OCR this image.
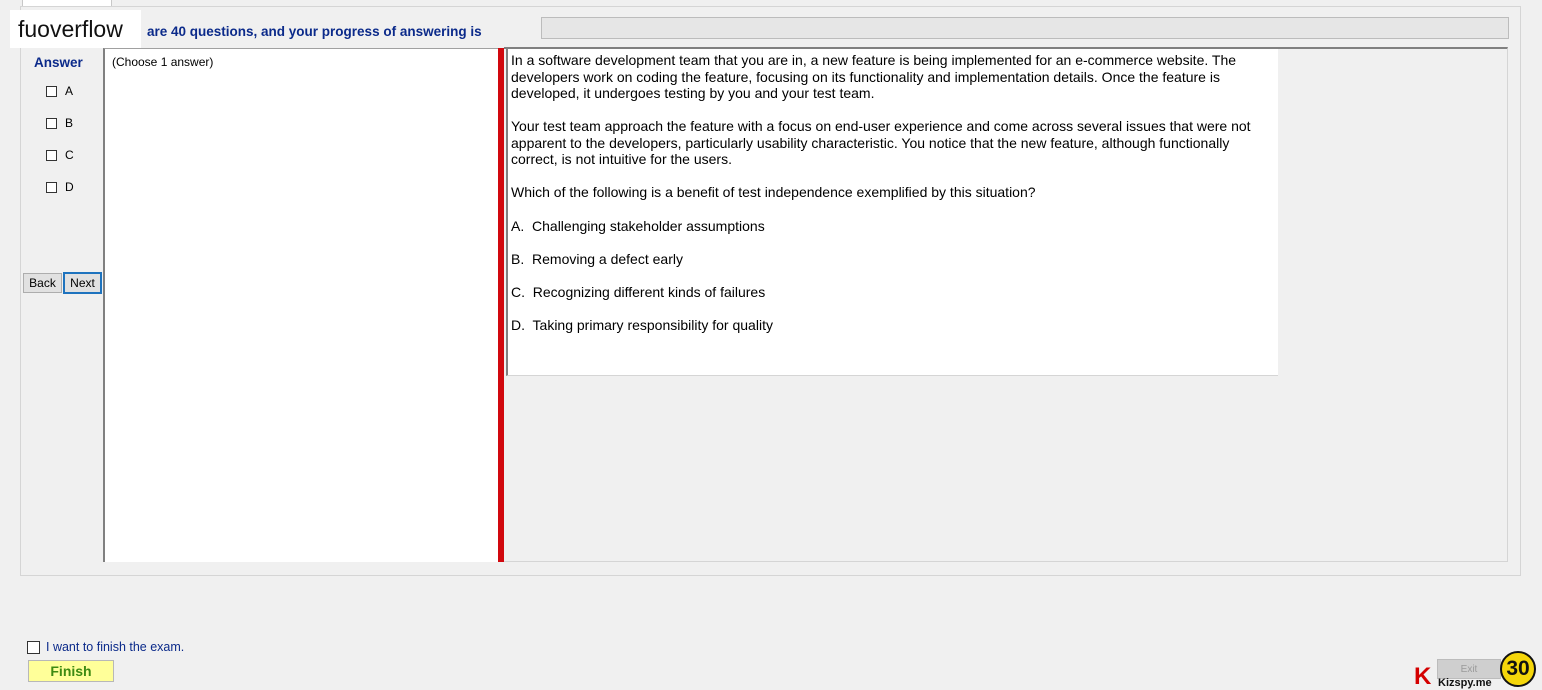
fuoverflow	are 40 questions, and your progress of answering is
Answer
A
B
C
D
Back	Next
(Choose 1 answer)	In a software development team that you are in, a new feature is being implemented for an e-commerce website. The developers work on coding the feature, focusing on its functionality and implementation details. Once the feature is developed, it undergoes testing by you and your test team.
Your test team approach the feature with a focus on end-user experience and come across several issues that were not apparent to the developers, particularly usability characteristic. You notice that the new feature, although functionally correct, is not intuitive for the users.
Which of the following is a benefit of test independence exemplified by this situation?
A.  Challenging stakeholder assumptions
B.  Removing a defect early
C.  Recognizing different kinds of failures
D.  Taking primary responsibility for quality
I want to finish the exam.
Finish	K	Exit
Kizspy.me
30
